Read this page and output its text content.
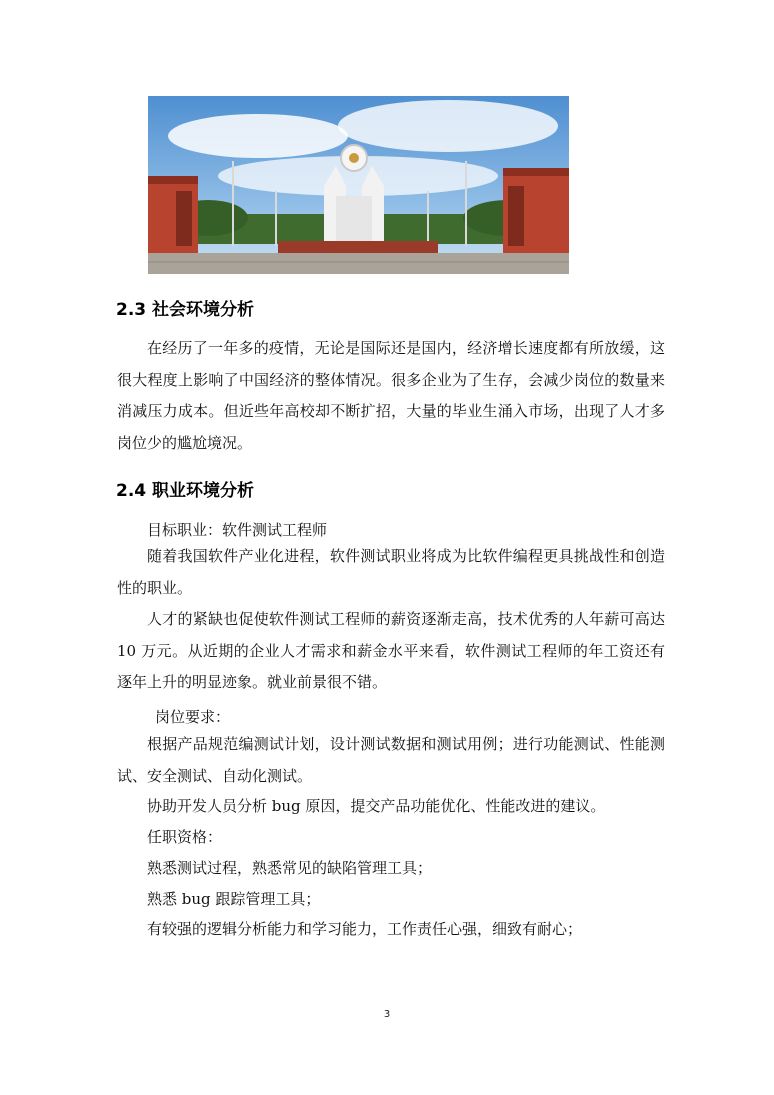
2.3 社会环境分析

在经历了一年多的疫情，无论是国际还是国内，经济增长速度都有所放缓，这很大程度上影响了中国经济的整体情况。很多企业为了生存，会减少岗位的数量来消减压力成本。但近些年高校却不断扩招，大量的毕业生涌入市场，出现了人才多岗位少的尴尬境况。

2.4 职业环境分析
目标职业：软件测试工程师

随着我国软件产业化进程，软件测试职业将成为比软件编程更具挑战性和创造性的职业。

人才的紧缺也促使软件测试工程师的薪资逐渐走高，技术优秀的人年薪可高达 10 万元。从近期的企业人才需求和薪金水平来看，软件测试工程师的年工资还有逐年上升的明显迹象。就业前景很不错。

岗位要求：

根据产品规范编测试计划，设计测试数据和测试用例；进行功能测试、性能测试、安全测试、自动化测试。

协助开发人员分析 bug 原因，提交产品功能优化、性能改进的建议。
任职资格：
熟悉测试过程，熟悉常见的缺陷管理工具；
熟悉 bug 跟踪管理工具；
有较强的逻辑分析能力和学习能力，工作责任心强，细致有耐心；
3
